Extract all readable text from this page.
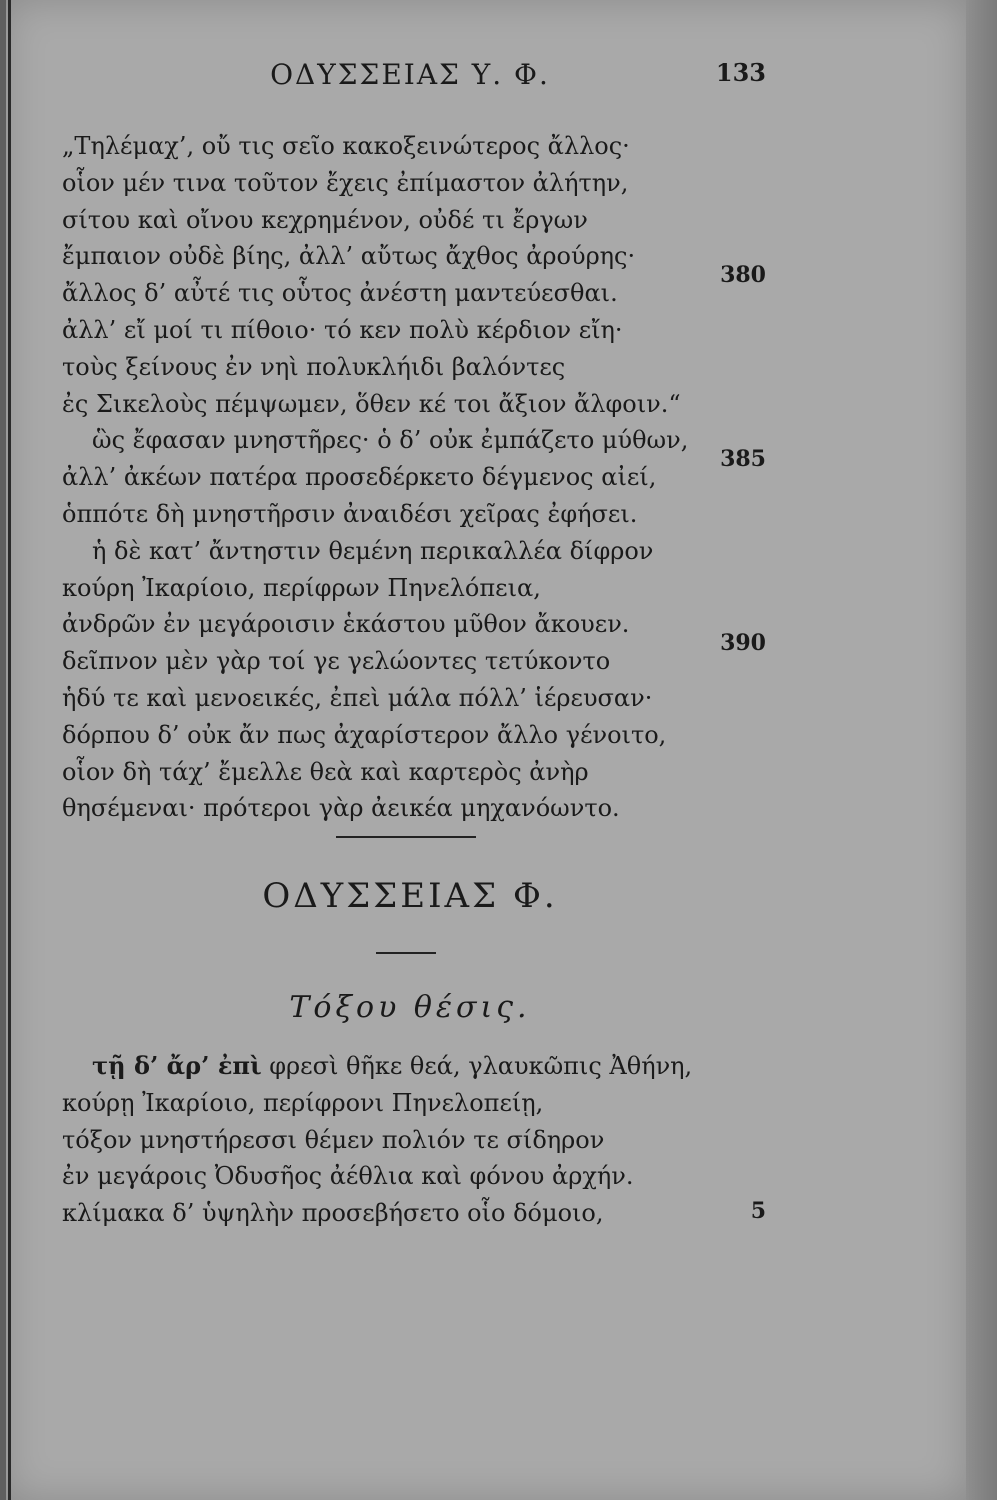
ΟΔΥΣΣΕΙΑΣ Υ. Φ.	133
„Τηλέμαχ’, οὔ τις σεῖο κακοξεινώτερος ἄλλος·
οἷον μέν τινα τοῦτον ἔχεις ἐπίμαστον ἀλήτην,
σίτου καὶ οἴνου κεχρημένον, οὐδέ τι ἔργων
ἔμπαιον οὐδὲ βίης, ἀλλ’ αὔτως ἄχθος ἀρούρης·
ἄλλος δ’ αὖτέ τις οὗτος ἀνέστη μαντεύεσθαι.
ἀλλ’ εἴ μοί τι πίθοιο· τό κεν πολὺ κέρδιον εἴη·
τοὺς ξείνους ἐν νηὶ πολυκλήιδι βαλόντες
ἐς Σικελοὺς πέμψωμεν, ὅθεν κέ τοι ἄξιον ἄλφοιν.“
ὣς ἔφασαν μνηστῆρες· ὁ δ’ οὐκ ἐμπάζετο μύθων,
ἀλλ’ ἀκέων πατέρα προσεδέρκετο δέγμενος αἰεί,
ὁππότε δὴ μνηστῆρσιν ἀναιδέσι χεῖρας ἐφήσει.
ἡ δὲ κατ’ ἄντηστιν θεμένη περικαλλέα δίφρον
κούρη Ἰκαρίοιο, περίφρων Πηνελόπεια,
ἀνδρῶν ἐν μεγάροισιν ἑκάστου μῦθον ἄκουεν.
δεῖπνον μὲν γὰρ τοί γε γελώοντες τετύκοντο
ἡδύ τε καὶ μενοεικές, ἐπεὶ μάλα πόλλ’ ἱέρευσαν·
δόρπου δ’ οὐκ ἄν πως ἀχαρίστερον ἄλλο γένοιτο,
οἷον δὴ τάχ’ ἔμελλε θεὰ καὶ καρτερὸς ἀνὴρ
θησέμεναι· πρότεροι γὰρ ἀεικέα μηχανόωντο.
380
385
390
ΟΔΥΣΣΕΙΑΣ Φ.
Τόξου θέσις.
τῇ δ’ ἄρ’ ἐπὶ φρεσὶ θῆκε θεά, γλαυκῶπις Ἀθήνη,
κούρῃ Ἰκαρίοιο, περίφρονι Πηνελοπείῃ,
τόξον μνηστήρεσσι θέμεν πολιόν τε σίδηρον
ἐν μεγάροις Ὀδυσῆος ἀέθλια καὶ φόνου ἀρχήν.
κλίμακα δ’ ὑψηλὴν προσεβήσετο οἷο δόμοιο,	5
